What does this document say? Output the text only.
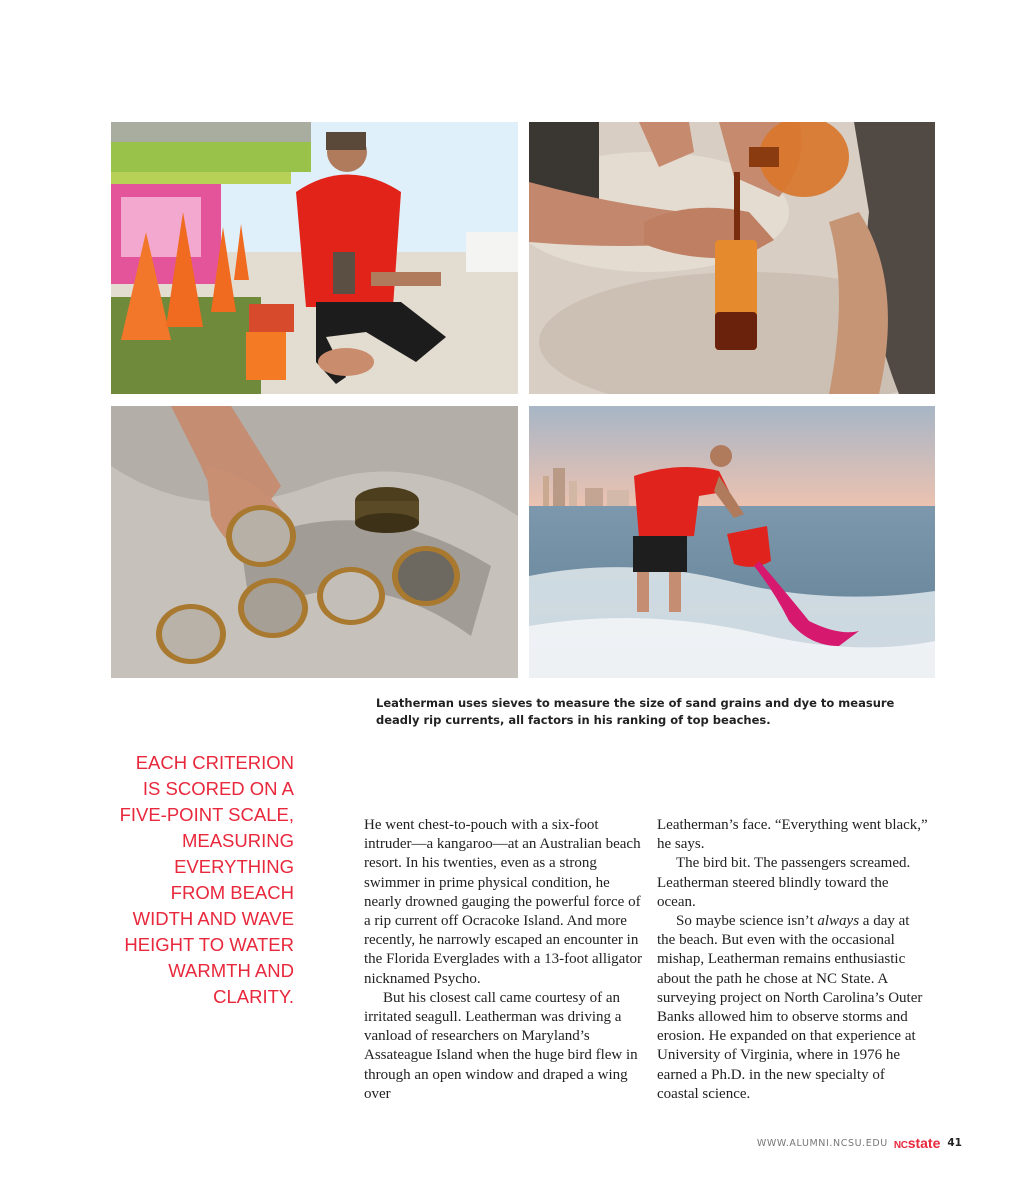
Leatherman uses sieves to measure the size of sand grains and dye to measure deadly rip currents, all factors in his ranking of top beaches.

EACH CRITERION IS SCORED ON A FIVE-POINT SCALE, MEASURING EVERYTHING FROM BEACH WIDTH AND WAVE HEIGHT TO WATER WARMTH AND CLARITY.

He went chest-to-pouch with a six-foot intruder—a kangaroo—at an Australian beach resort. In his twenties, even as a strong swimmer in prime physical condition, he nearly drowned gauging the powerful force of a rip current off Ocracoke Island. And more recently, he narrowly escaped an encounter in the Florida Everglades with a 13-foot alligator nicknamed Psycho.

But his closest call came courtesy of an irritated seagull. Leatherman was driving a vanload of researchers on Maryland’s Assateague Island when the huge bird flew in through an open window and draped a wing over

Leatherman’s face. “Everything went black,” he says.

The bird bit. The passengers screamed. Leatherman steered blindly toward the ocean.

So maybe science isn’t always a day at the beach. But even with the occasional mishap, Leatherman remains enthusiastic about the path he chose at NC State. A surveying project on North Carolina’s Outer Banks allowed him to observe storms and erosion. He expanded on that experience at University of Virginia, where in 1976 he earned a Ph.D. in the new specialty of coastal science.

WWW.ALUMNI.NCSU.EDU NCstate 41
